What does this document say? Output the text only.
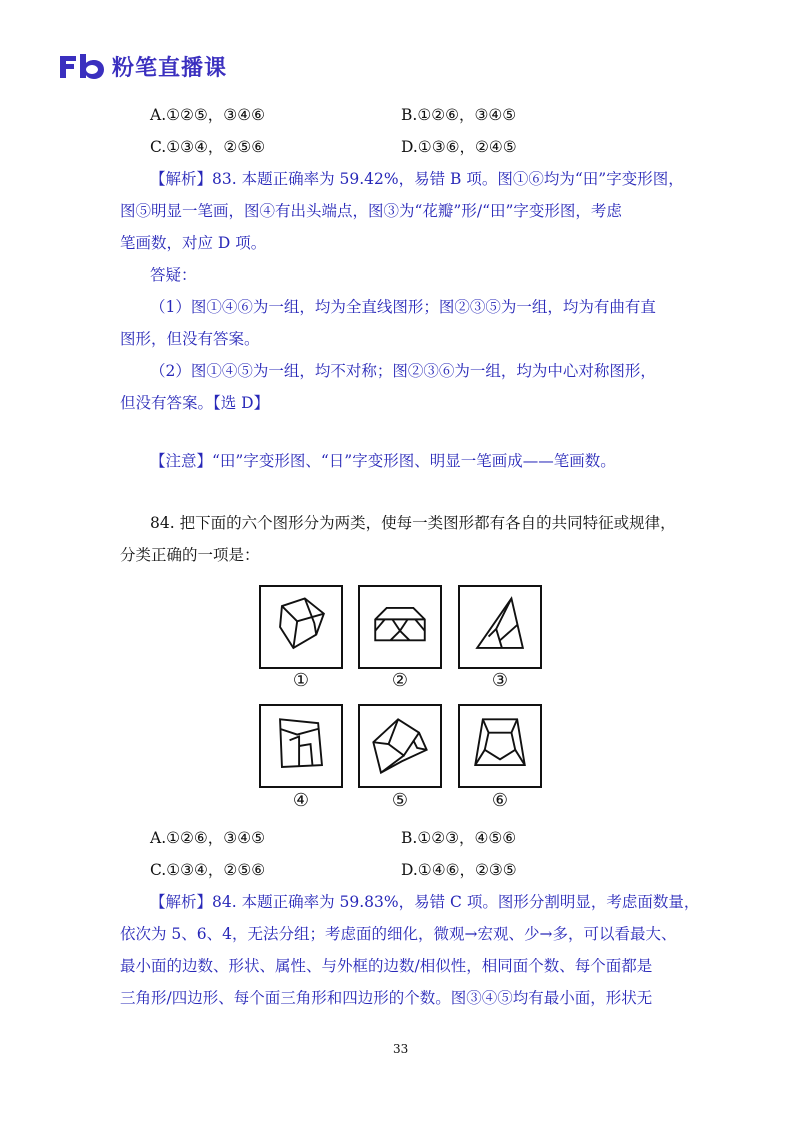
粉笔直播课
A.①②⑤，③④⑥	B.①②⑥，③④⑤
C.①③④，②⑤⑥	D.①③⑥，②④⑤
【解析】83. 本题正确率为 59.42%，易错 B 项。图①⑥均为“田”字变形图，
图⑤明显一笔画，图④有出头端点，图③为“花瓣”形/“田”字变形图，考虑
笔画数，对应 D 项。
答疑：
（1）图①④⑥为一组，均为全直线图形；图②③⑤为一组，均为有曲有直
图形，但没有答案。
（2）图①④⑤为一组，均不对称；图②③⑥为一组，均为中心对称图形，
但没有答案。【选 D】
【注意】“田”字变形图、“日”字变形图、明显一笔画成——笔画数。
84. 把下面的六个图形分为两类，使每一类图形都有各自的共同特征或规律，
分类正确的一项是：
①	②	③
④	⑤	⑥
A.①②⑥，③④⑤	B.①②③，④⑤⑥
C.①③④，②⑤⑥	D.①④⑥，②③⑤
【解析】84. 本题正确率为 59.83%，易错 C 项。图形分割明显，考虑面数量，
依次为 5、6、4，无法分组；考虑面的细化，微观→宏观、少→多，可以看最大、
最小面的边数、形状、属性、与外框的边数/相似性，相同面个数、每个面都是
三角形/四边形、每个面三角形和四边形的个数。图③④⑤均有最小面，形状无
33
